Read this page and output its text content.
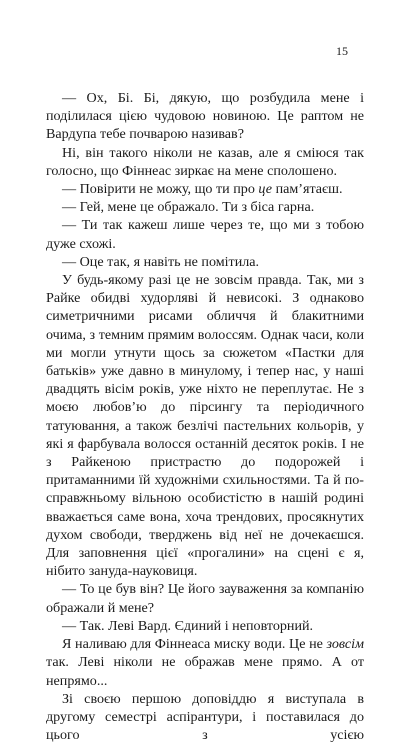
15

— Ох, Бі. Бі, дякую, що розбудила мене і поділилася цією чудовою новиною. Це раптом не Вардупа тебе почварою називав?

Ні, він такого ніколи не казав, але я сміюся так голосно, що Фіннеас зиркає на мене сполошено.

— Повірити не можу, що ти про це пам’ятаєш.

— Гей, мене це ображало. Ти з біса гарна.

— Ти так кажеш лише через те, що ми з тобою дуже схожі.

— Оце так, я навіть не помітила.

У будь-якому разі це не зовсім правда. Так, ми з Райке обидві худорляві й невисокі. З однаково симетричними рисами обличчя й блакитними очима, з темним прямим волоссям. Однак часи, коли ми могли утнути щось за сюжетом «Пастки для батьків» уже давно в минулому, і тепер нас, у наші двадцять вісім років, уже ніхто не переплутає. Не з моєю любов’ю до пірсингу та періодичного татуювання, а також безлічі пастельних кольорів, у які я фарбувала волосся останній десяток років. І не з Райкеною пристрастю до подорожей і притаманними їй художніми схильностями. Та й по-справжньому вільною особистістю в нашій родині вважається саме вона, хоча трендових, просякнутих духом свободи, тверджень від неї не дочекаєшся. Для заповнення цієї «прогалини» на сцені є я, нібито зануда-науковиця.

— То це був він? Це його зауваження за компанію ображали й мене?

— Так. Леві Вард. Єдиний і неповторний.

Я наливаю для Фіннеаса миску води. Це не зовсім так. Леві ніколи не ображав мене прямо. А от непрямо...

Зі своєю першою доповіддю я виступала в другому семестрі аспірантури, і поставилася до цього з усією
